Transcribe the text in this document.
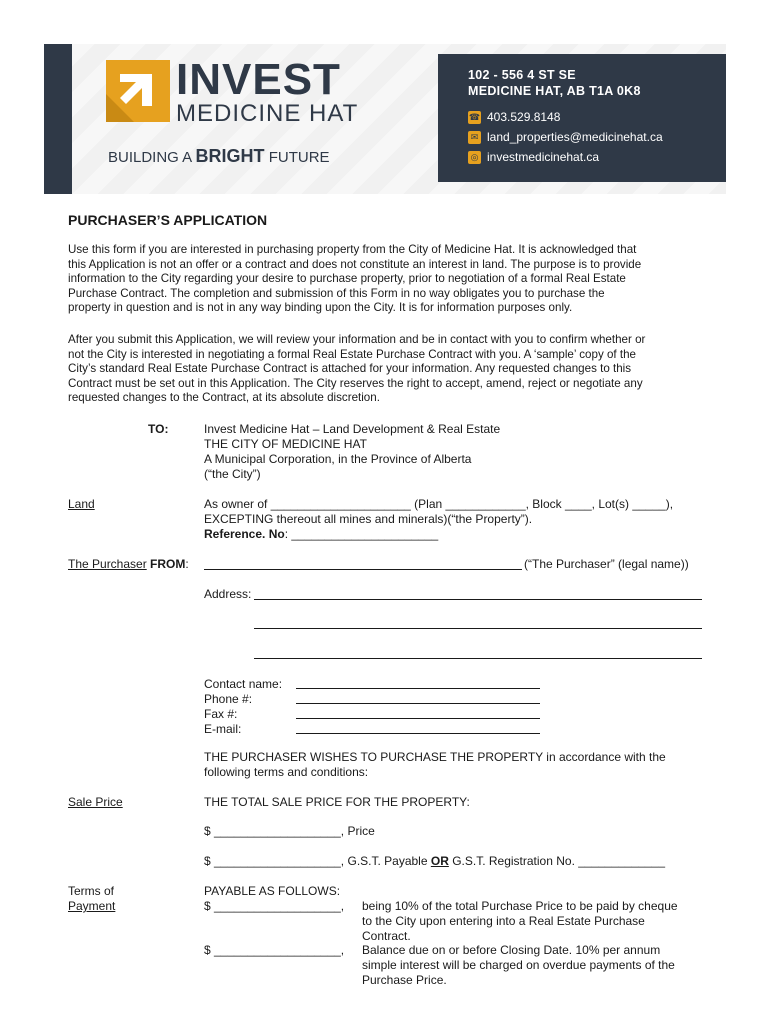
INVEST
MEDICINE HAT
BUILDING A BRIGHT FUTURE
102 - 556 4 ST SE
MEDICINE HAT, AB T1A 0K8
☎ 403.529.8148
✉ land_properties@medicinehat.ca
◎ investmedicinehat.ca
PURCHASER’S APPLICATION
Use this form if you are interested in purchasing property from the City of Medicine Hat. It is acknowledged that
this Application is not an offer or a contract and does not constitute an interest in land. The purpose is to provide
information to the City regarding your desire to purchase property, prior to negotiation of a formal Real Estate
Purchase Contract. The completion and submission of this Form in no way obligates you to purchase the
property in question and is not in any way binding upon the City. It is for information purposes only.
After you submit this Application, we will review your information and be in contact with you to confirm whether or
not the City is interested in negotiating a formal Real Estate Purchase Contract with you. A ‘sample’ copy of the
City’s standard Real Estate Purchase Contract is attached for your information. Any requested changes to this
Contract must be set out in this Application. The City reserves the right to accept, amend, reject or negotiate any
requested changes to the Contract, at its absolute discretion.
TO:	Invest Medicine Hat – Land Development & Real Estate
THE CITY OF MEDICINE HAT
A Municipal Corporation, in the Province of Alberta
(“the City”)
Land	As owner of _____________________ (Plan ____________, Block ____, Lot(s) _____),
EXCEPTING thereout all mines and minerals)(“the Property”).
Reference. No: ______________________
The Purchaser FROM:	(“The Purchaser” (legal name))
Address:
Contact name:
Phone #:
Fax #:
E-mail:
THE PURCHASER WISHES TO PURCHASE THE PROPERTY in accordance with the
following terms and conditions:
Sale Price	THE TOTAL SALE PRICE FOR THE PROPERTY:
$ ___________________, Price
$ ___________________, G.S.T. Payable OR G.S.T. Registration No. _____________
Terms of
Payment
PAYABLE AS FOLLOWS:
$ ___________________, being 10% of the total Purchase Price to be paid by cheque
to the City upon entering into a Real Estate Purchase
Contract.
$ ___________________, Balance due on or before Closing Date. 10% per annum
simple interest will be charged on overdue payments of the
Purchase Price.
